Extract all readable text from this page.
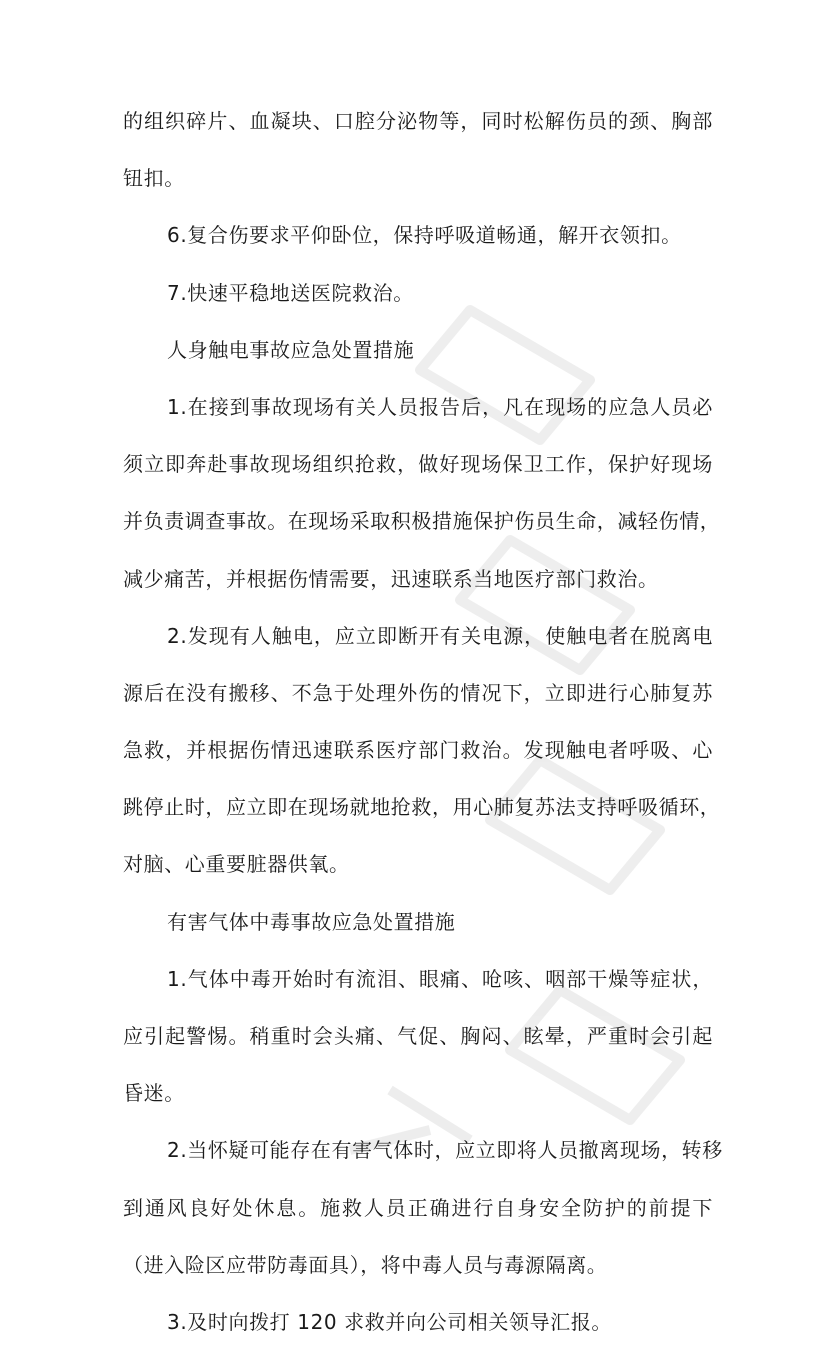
的组织碎片、血凝块、口腔分泌物等，同时松解伤员的颈、胸部
钮扣。
6.复合伤要求平仰卧位，保持呼吸道畅通，解开衣领扣。
7.快速平稳地送医院救治。
人身触电事故应急处置措施
1.在接到事故现场有关人员报告后，凡在现场的应急人员必
须立即奔赴事故现场组织抢救，做好现场保卫工作，保护好现场
并负责调查事故。在现场采取积极措施保护伤员生命，减轻伤情，
减少痛苦，并根据伤情需要，迅速联系当地医疗部门救治。
2.发现有人触电，应立即断开有关电源，使触电者在脱离电
源后在没有搬移、不急于处理外伤的情况下，立即进行心肺复苏
急救，并根据伤情迅速联系医疗部门救治。发现触电者呼吸、心
跳停止时，应立即在现场就地抢救，用心肺复苏法支持呼吸循环，
对脑、心重要脏器供氧。
有害气体中毒事故应急处置措施
1.气体中毒开始时有流泪、眼痛、呛咳、咽部干燥等症状，
应引起警惕。稍重时会头痛、气促、胸闷、眩晕，严重时会引起
昏迷。
2.当怀疑可能存在有害气体时，应立即将人员撤离现场，转移
到通风良好处休息。施救人员正确进行自身安全防护的前提下
（进入险区应带防毒面具），将中毒人员与毒源隔离。
3.及时向拨打 120 求救并向公司相关领导汇报。
